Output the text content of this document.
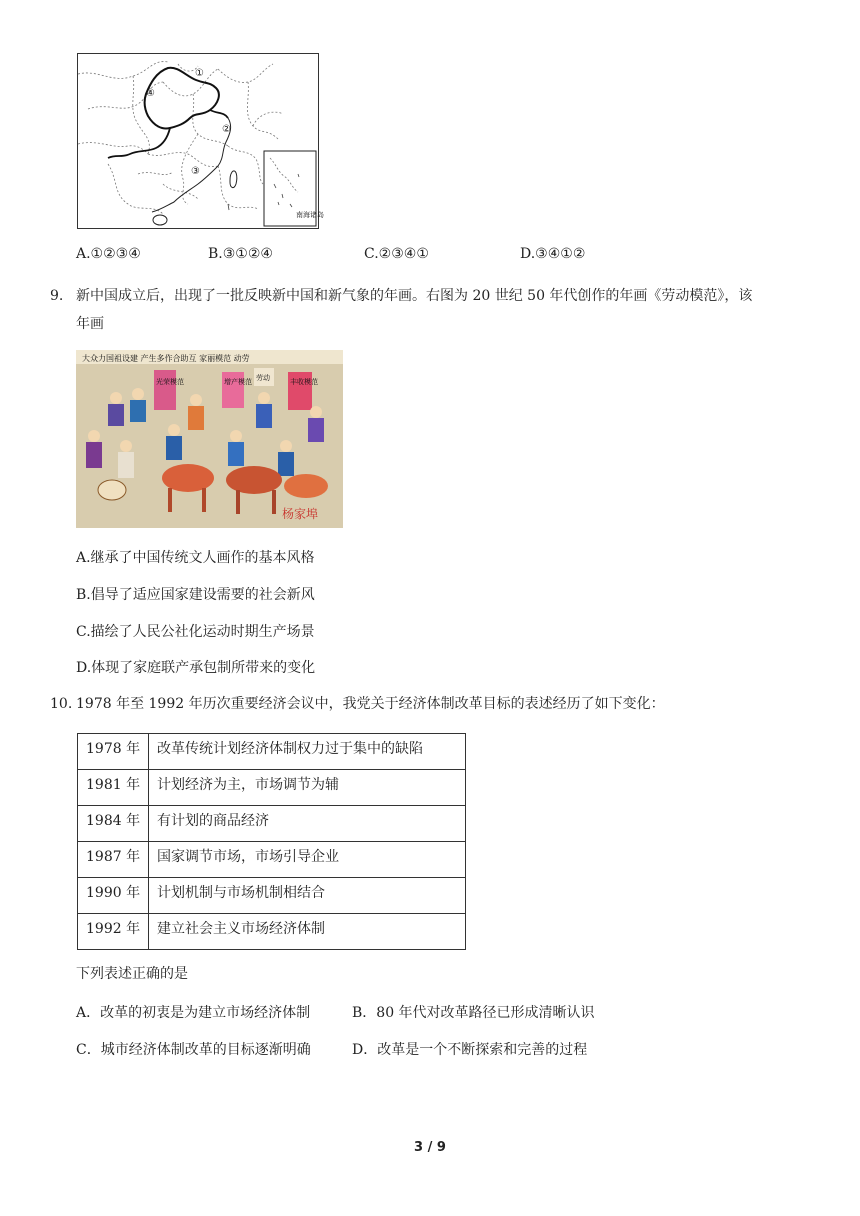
①
②
③
④
南海诸岛
A.①②③④	B.③①②④	C.②③④①	D.③④①②
9. 新中国成立后，出现了一批反映新中国和新气象的年画。右图为 20 世纪 50 年代创作的年画《劳动模范》，该
年画
大众力国祖设建 产生多作合助互 家丽模范 动劳
光荣模范	增产模范 劳动	丰收模范
杨家埠
A.继承了中国传统文人画作的基本风格
B.倡导了适应国家建设需要的社会新风
C.描绘了人民公社化运动时期生产场景
D.体现了家庭联产承包制所带来的变化
10. 1978 年至 1992 年历次重要经济会议中，我党关于经济体制改革目标的表述经历了如下变化：
1978 年	改革传统计划经济体制权力过于集中的缺陷
1981 年	计划经济为主，市场调节为辅
1984 年	有计划的商品经济
1987 年	国家调节市场，市场引导企业
1990 年	计划机制与市场机制相结合
1992 年	建立社会主义市场经济体制
下列表述正确的是
A．改革的初衷是为建立市场经济体制	B．80 年代对改革路径已形成清晰认识
C．城市经济体制改革的目标逐渐明确	D．改革是一个不断探索和完善的过程
3 / 9
